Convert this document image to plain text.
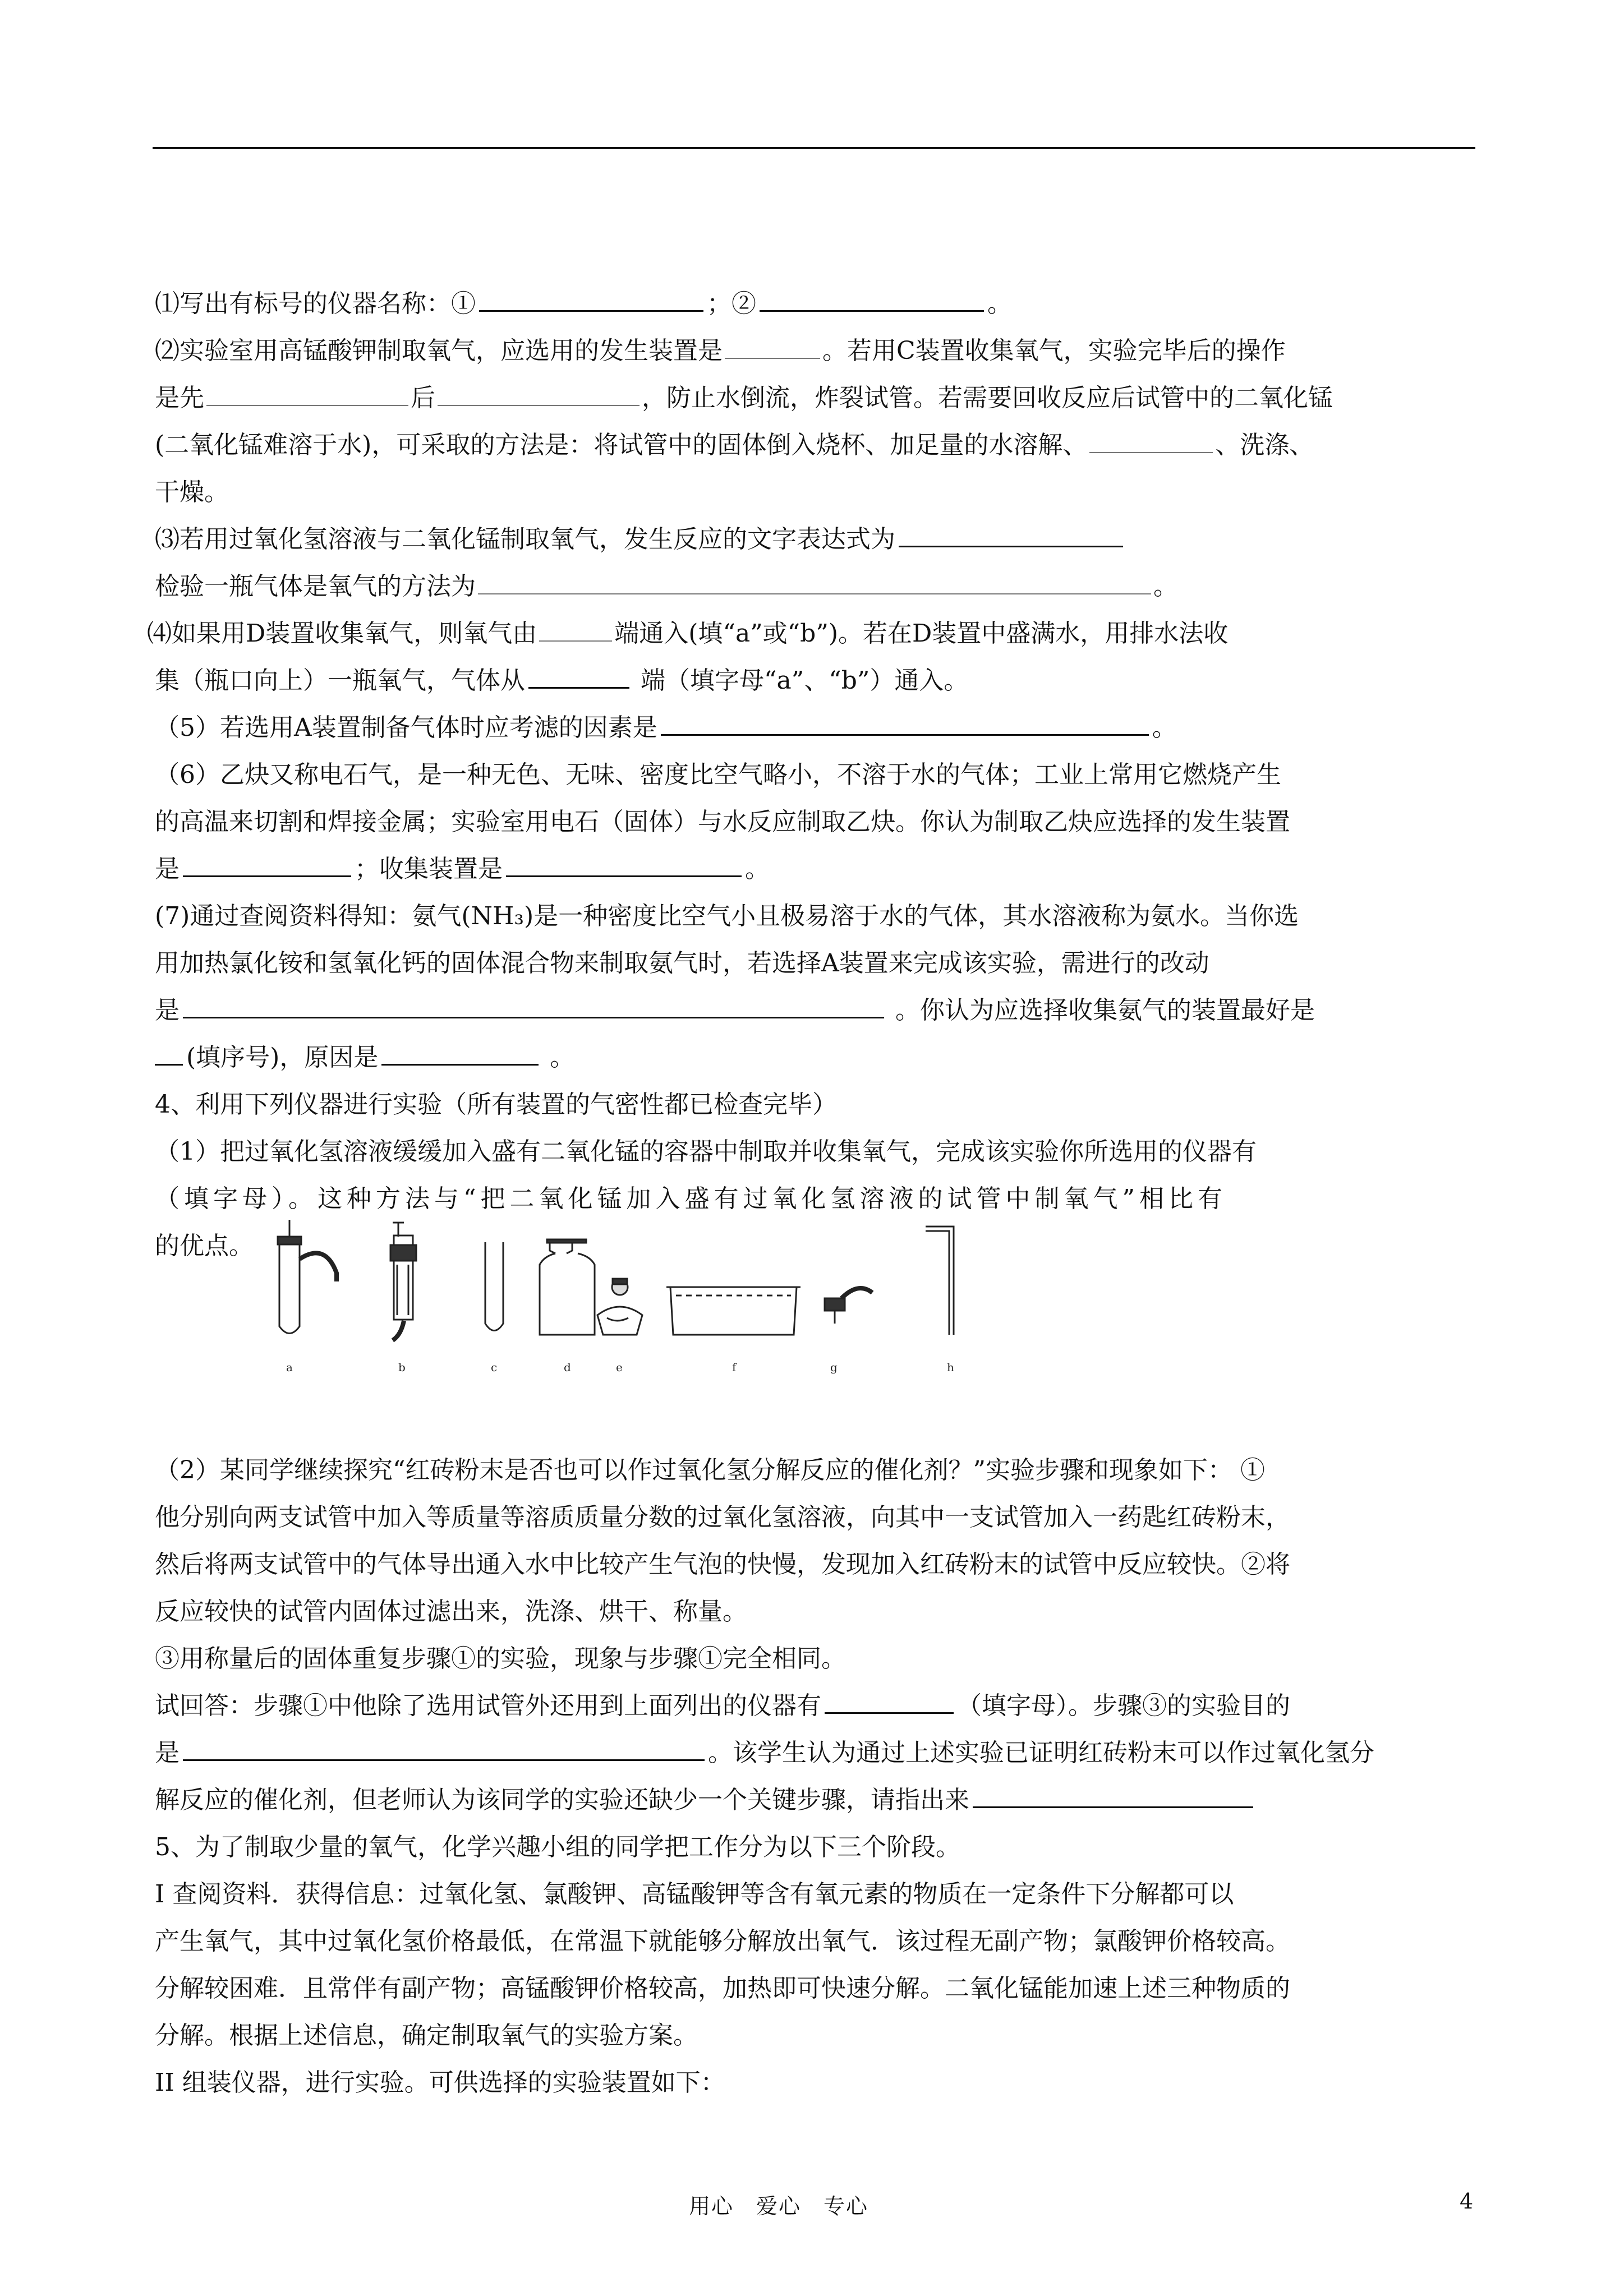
⑴写出有标号的仪器名称：①	；②	。

⑵实验室用高锰酸钾制取氧气，应选用的发生装置是	。若用C装置收集氧气，实验完毕后的操作

是先	后	，防止水倒流，炸裂试管。若需要回收反应后试管中的二氧化锰

(二氧化锰难溶于水)，可采取的方法是：将试管中的固体倒入烧杯、加足量的水溶解、	、洗涤、

干燥。

⑶若用过氧化氢溶液与二氧化锰制取氧气，发生反应的文字表达式为

检验一瓶气体是氧气的方法为	。

⑷如果用D装置收集氧气，则氧气由	端通入(填“a”或“b”)。若在D装置中盛满水，用排水法收

集（瓶口向上）一瓶氧气，气体从	端（填字母“a”、“b”）通入。

（5）若选用A装置制备气体时应考滤的因素是	。

（6）乙炔又称电石气，是一种无色、无味、密度比空气略小，不溶于水的气体；工业上常用它燃烧产生

的高温来切割和焊接金属；实验室用电石（固体）与水反应制取乙炔。你认为制取乙炔应选择的发生装置

是	；收集装置是	。

(7)通过查阅资料得知：氨气(NH₃)是一种密度比空气小且极易溶于水的气体，其水溶液称为氨水。当你选

用加热氯化铵和氢氧化钙的固体混合物来制取氨气时，若选择A装置来完成该实验，需进行的改动

是	。你认为应选择收集氨气的装置最好是

(填序号)，原因是	。

4、利用下列仪器进行实验（所有装置的气密性都已检查完毕）

（1）把过氧化氢溶液缓缓加入盛有二氧化锰的容器中制取并收集氧气，完成该实验你所选用的仪器有

（填字母）。这种方法与“把二氧化锰加入盛有过氧化氢溶液的试管中制氧气”相比有

的优点。

a	b	c	d	e	f	g	h

（2）某同学继续探究“红砖粉末是否也可以作过氧化氢分解反应的催化剂？”实验步骤和现象如下： ①

他分别向两支试管中加入等质量等溶质质量分数的过氧化氢溶液，向其中一支试管加入一药匙红砖粉末，

然后将两支试管中的气体导出通入水中比较产生气泡的快慢，发现加入红砖粉末的试管中反应较快。②将

反应较快的试管内固体过滤出来，洗涤、烘干、称量。

③用称量后的固体重复步骤①的实验，现象与步骤①完全相同。

试回答：步骤①中他除了选用试管外还用到上面列出的仪器有	（填字母）。步骤③的实验目的

是	。该学生认为通过上述实验已证明红砖粉末可以作过氧化氢分

解反应的催化剂，但老师认为该同学的实验还缺少一个关键步骤，请指出来

5、为了制取少量的氧气，化学兴趣小组的同学把工作分为以下三个阶段。

Ⅰ 查阅资料．获得信息：过氧化氢、氯酸钾、高锰酸钾等含有氧元素的物质在一定条件下分解都可以

产生氧气，其中过氧化氢价格最低，在常温下就能够分解放出氧气．该过程无副产物；氯酸钾价格较高。

分解较困难．且常伴有副产物；高锰酸钾价格较高，加热即可快速分解。二氧化锰能加速上述三种物质的

分解。根据上述信息，确定制取氧气的实验方案。

ΙΙ 组装仪器，进行实验。可供选择的实验装置如下：

用心　爱心　专心	4
